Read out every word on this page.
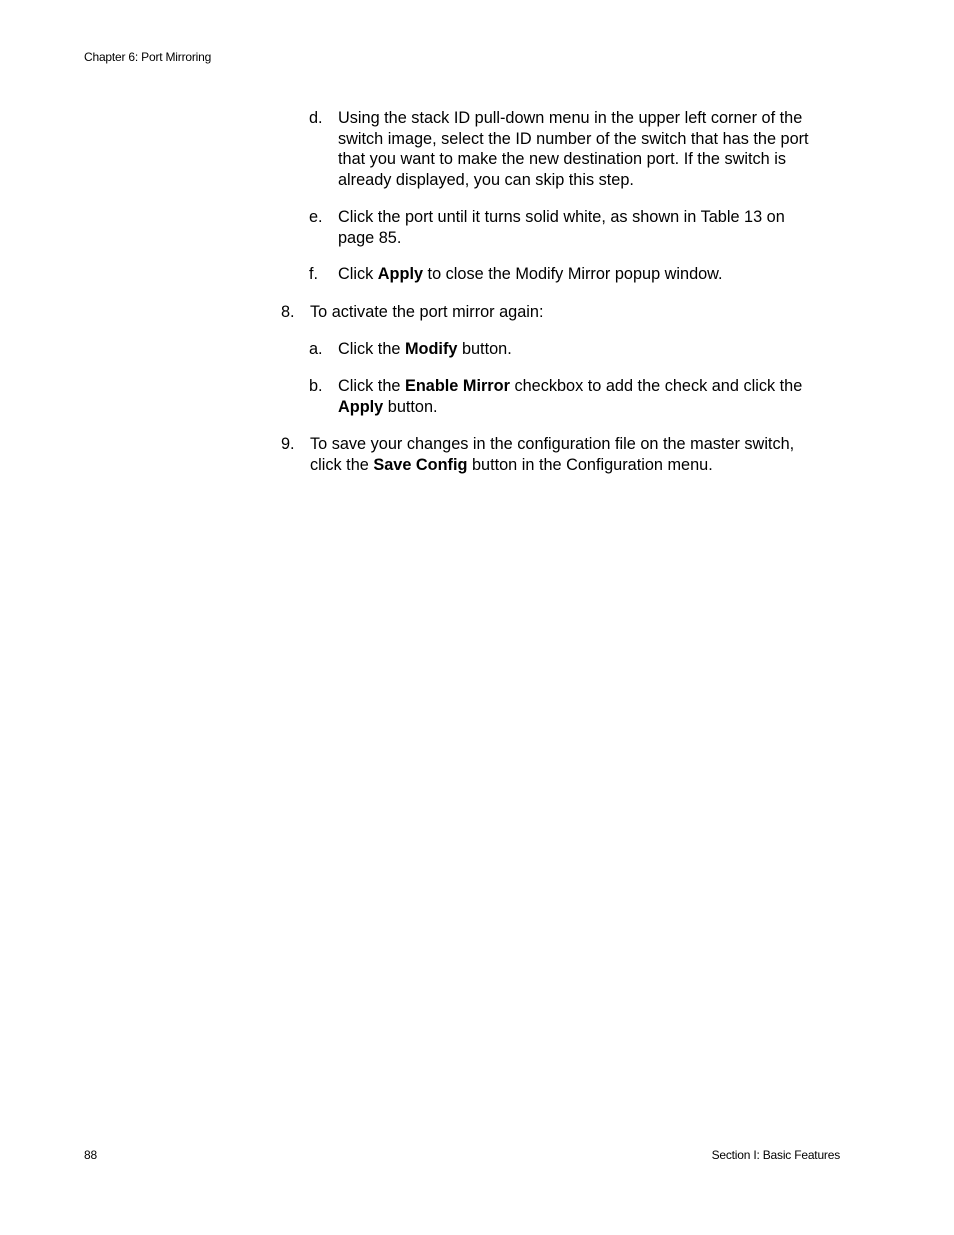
Chapter 6: Port Mirroring
d. Using the stack ID pull-down menu in the upper left corner of the
switch image, select the ID number of the switch that has the port
that you want to make the new destination port. If the switch is
already displayed, you can skip this step.
e. Click the port until it turns solid white, as shown in Table 13 on
page 85.
f. Click Apply to close the Modify Mirror popup window.
8. To activate the port mirror again:
a. Click the Modify button.
b. Click the Enable Mirror checkbox to add the check and click the
Apply button.
9. To save your changes in the configuration file on the master switch,
click the Save Config button in the Configuration menu.
88	Section I: Basic Features
